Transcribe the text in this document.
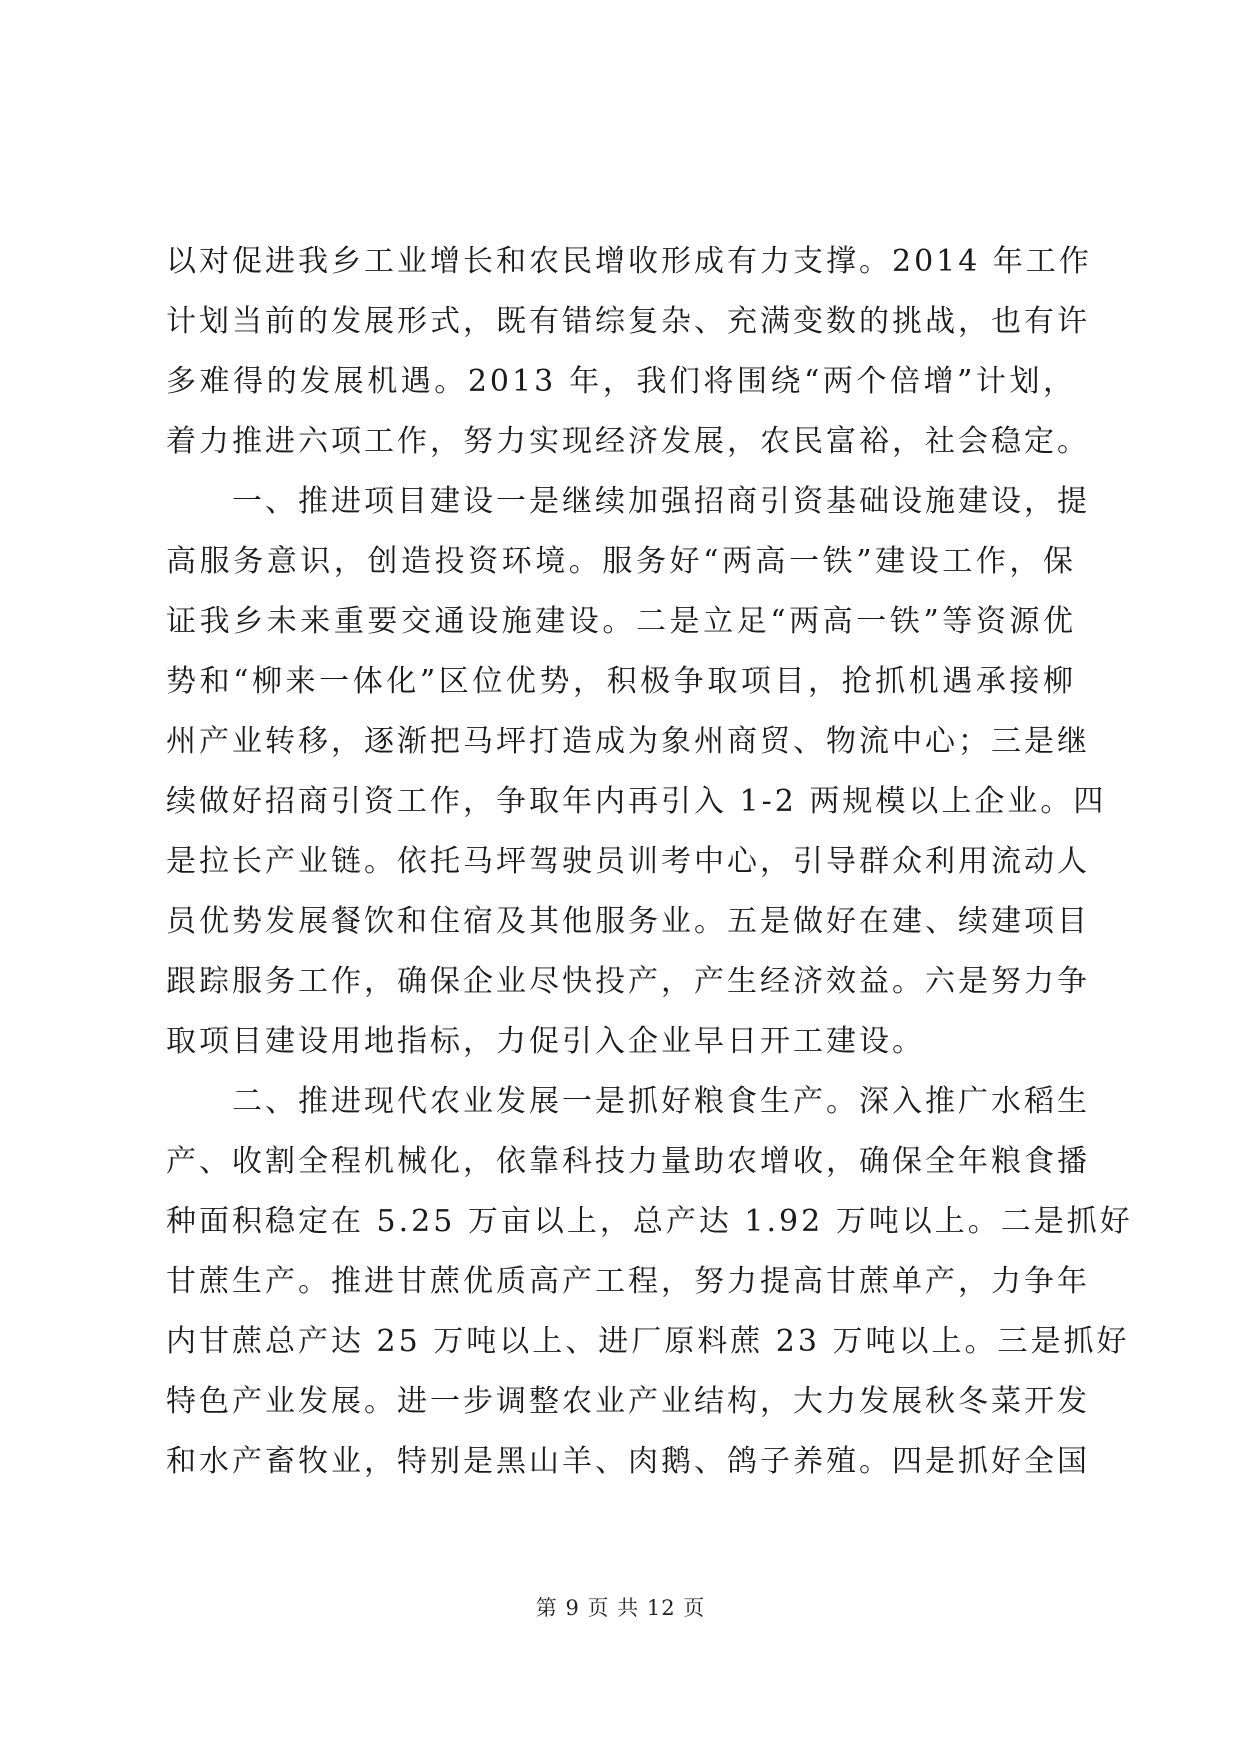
以对促进我乡工业增长和农民增收形成有力支撑。2014 年工作
计划当前的发展形式，既有错综复杂、充满变数的挑战，也有许
多难得的发展机遇。2013 年，我们将围绕“两个倍增”计划，
着力推进六项工作，努力实现经济发展，农民富裕，社会稳定。
一、推进项目建设一是继续加强招商引资基础设施建设，提
高服务意识，创造投资环境。服务好“两高一铁”建设工作，保
证我乡未来重要交通设施建设。二是立足“两高一铁”等资源优
势和“柳来一体化”区位优势，积极争取项目，抢抓机遇承接柳
州产业转移，逐渐把马坪打造成为象州商贸、物流中心；三是继
续做好招商引资工作，争取年内再引入 1-2 两规模以上企业。四
是拉长产业链。依托马坪驾驶员训考中心，引导群众利用流动人
员优势发展餐饮和住宿及其他服务业。五是做好在建、续建项目
跟踪服务工作，确保企业尽快投产，产生经济效益。六是努力争
取项目建设用地指标，力促引入企业早日开工建设。
二、推进现代农业发展一是抓好粮食生产。深入推广水稻生
产、收割全程机械化，依靠科技力量助农增收，确保全年粮食播
种面积稳定在 5.25 万亩以上，总产达 1.92 万吨以上。二是抓好
甘蔗生产。推进甘蔗优质高产工程，努力提高甘蔗单产，力争年
内甘蔗总产达 25 万吨以上、进厂原料蔗 23 万吨以上。三是抓好
特色产业发展。进一步调整农业产业结构，大力发展秋冬菜开发
和水产畜牧业，特别是黑山羊、肉鹅、鸽子养殖。四是抓好全国
第 9 页 共 12 页
